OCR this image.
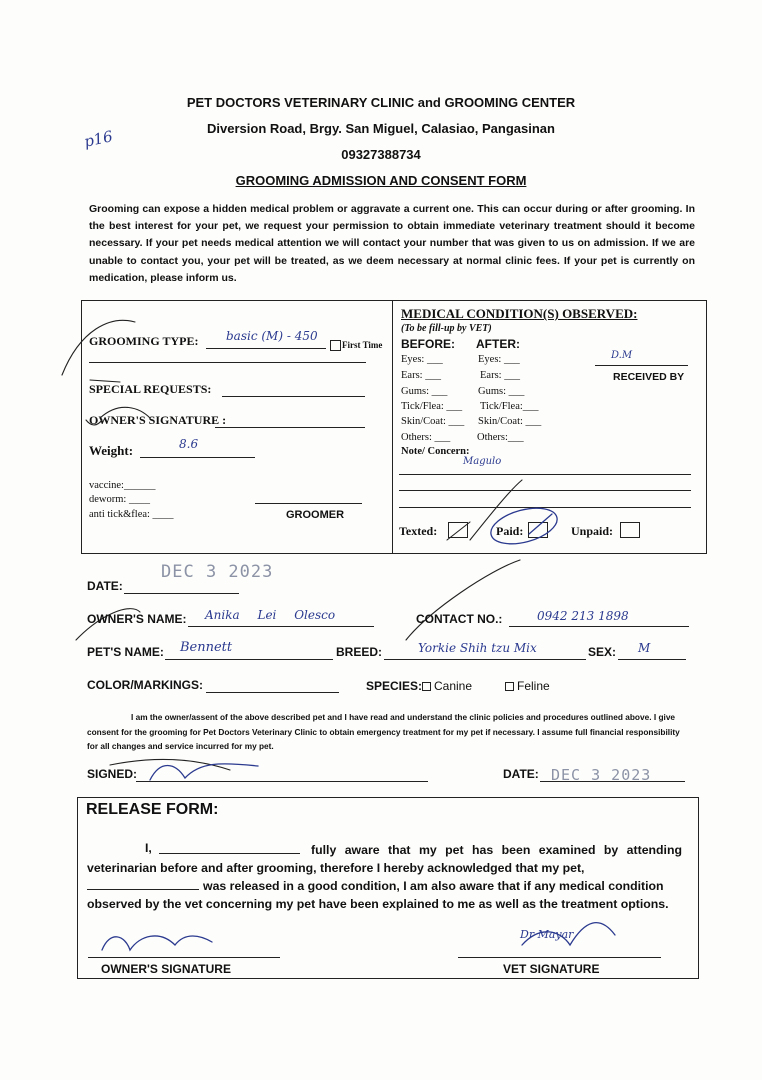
PET DOCTORS VETERINARY CLINIC and GROOMING CENTER
Diversion Road, Brgy. San Miguel, Calasiao, Pangasinan
09327388734
GROOMING ADMISSION AND CONSENT FORM
p16
Grooming can expose a hidden medical problem or aggravate a current one. This can occur during or after grooming. In the best interest for your pet, we request your permission to obtain immediate veterinary treatment should it become necessary. If your pet needs medical attention we will contact your number that was given to us on admission. If we are unable to contact you, your pet will be treated, as we deem necessary at normal clinic fees. If your pet is currently on medication, please inform us.
GROOMING TYPE: basic (M) - 450
First Time
SPECIAL REQUESTS:
OWNER'S SIGNATURE :
Weight:	8.6
vaccine:______
deworm: ____
anti tick&flea: ____	GROOMER
MEDICAL CONDITION(S) OBSERVED:
(To be fill-up by VET)
BEFORE: AFTER:
Eyes: ___	Eyes: ___
Ears: ___	Ears: ___
Gums: ___	Gums: ___
Tick/Flea: ___ Tick/Flea:___
Skin/Coat: ___ Skin/Coat: ___
Others: ___	Others:___
D.M
RECEIVED BY
Note/ Concern:
Magulo
Texted:	Paid:	Unpaid:
DATE:
DEC 3 2023
OWNER'S NAME: Anika Lei Olesco	CONTACT NO.:	0942 213 1898
PET'S NAME: Bennett	BREED:	Yorkie Shih tzu Mix	SEX: M
COLOR/MARKINGS:	SPECIES: Canine	Feline
I am the owner/assent of the above described pet and I have read and understand the clinic policies and procedures outlined above. I give consent for the grooming for Pet Doctors Veterinary Clinic to obtain emergency treatment for my pet if necessary. I assume full financial responsibility for all changes and service incurred for my pet.
SIGNED:	DATE: DEC 3 2023
RELEASE FORM:
I,	fully aware that my pet has been examined by attending veterinarian before and after grooming, therefore I hereby acknowledged that my pet,
was released in a good condition, I am also aware that if any medical condition observed by the vet concerning my pet have been explained to me as well as the treatment options.
OWNER'S SIGNATURE
Dr Mayar
VET SIGNATURE
